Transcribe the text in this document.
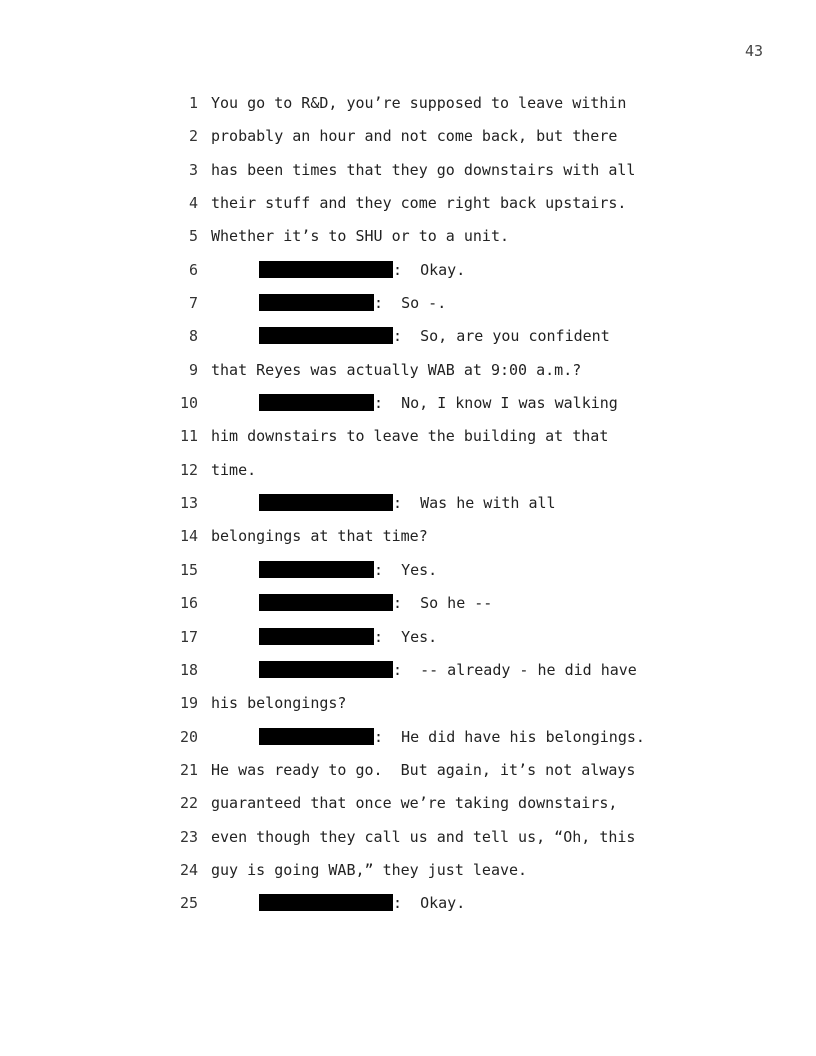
43
1 You go to R&D, you’re supposed to leave within
2 probably an hour and not come back, but there
3 has been times that they go downstairs with all
4 their stuff and they come right back upstairs.
5 Whether it’s to SHU or to a unit.
6	:  Okay.
7	:  So -.
8	:  So, are you confident
9 that Reyes was actually WAB at 9:00 a.m.?
10	:  No, I know I was walking
11 him downstairs to leave the building at that
12 time.
13	:  Was he with all
14 belongings at that time?
15	:  Yes.
16	:  So he --
17	:  Yes.
18	:  -- already - he did have
19 his belongings?
20	:  He did have his belongings.
21 He was ready to go.  But again, it’s not always
22 guaranteed that once we’re taking downstairs,
23 even though they call us and tell us, “Oh, this
24 guy is going WAB,” they just leave.
25	:  Okay.
